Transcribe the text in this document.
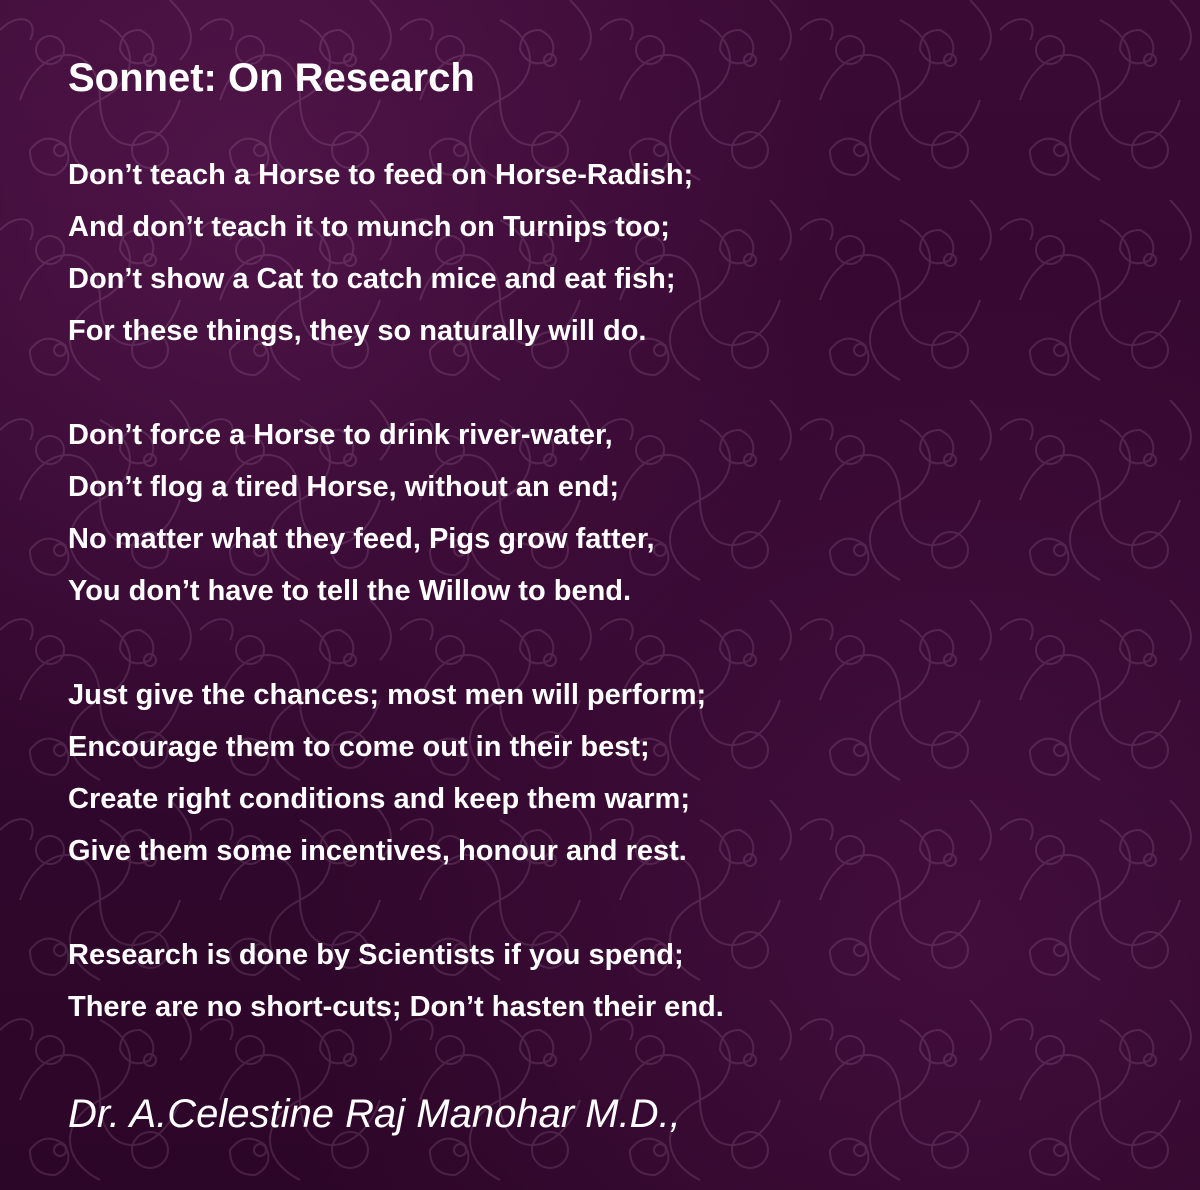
Sonnet: On Research
Don’t teach a Horse to feed on Horse-Radish;
And don’t teach it to munch on Turnips too;
Don’t show a Cat to catch mice and eat fish;
For these things, they so naturally will do.
Don’t force a Horse to drink river-water,
Don’t flog a tired Horse, without an end;
No matter what they feed, Pigs grow fatter,
You don’t have to tell the Willow to bend.
Just give the chances; most men will perform;
Encourage them to come out in their best;
Create right conditions and keep them warm;
Give them some incentives, honour and rest.
Research is done by Scientists if you spend;
There are no short-cuts; Don’t hasten their end.

Dr. A.Celestine Raj Manohar M.D.,
